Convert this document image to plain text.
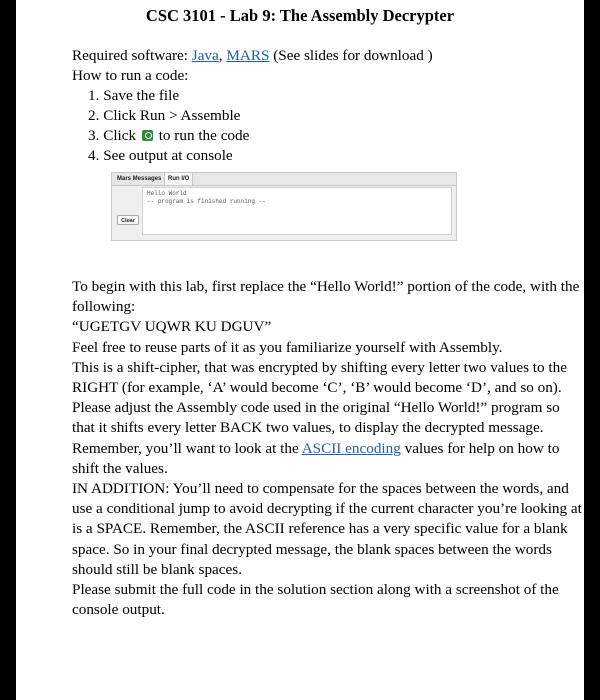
CSC 3101 - Lab 9: The Assembly Decrypter

Required software: Java, MARS (See slides for download )

How to run a code:

1. Save the file
2. Click Run > Assemble
3. Click to run the code
4. See output at console
Mars Messages	Run I/O
Clear
Hello World
-- program is finished running --

To begin with this lab, first replace the “Hello World!” portion of the code, with the following:

“UGETGV UQWR KU DGUV”

Feel free to reuse parts of it as you familiarize yourself with Assembly.

This is a shift-cipher, that was encrypted by shifting every letter two values to the RIGHT (for example, ‘A’ would become ‘C’, ‘B’ would become ‘D’, and so on). Please adjust the Assembly code used in the original “Hello World!” program so that it shifts every letter BACK two values, to display the decrypted message. Remember, you’ll want to look at the ASCII encoding values for help on how to shift the values.

IN ADDITION: You’ll need to compensate for the spaces between the words, and use a conditional jump to avoid decrypting if the current character you’re looking at is a SPACE. Remember, the ASCII reference has a very specific value for a blank space. So in your final decrypted message, the blank spaces between the words should still be blank spaces.

Please submit the full code in the solution section along with a screenshot of the console output.
